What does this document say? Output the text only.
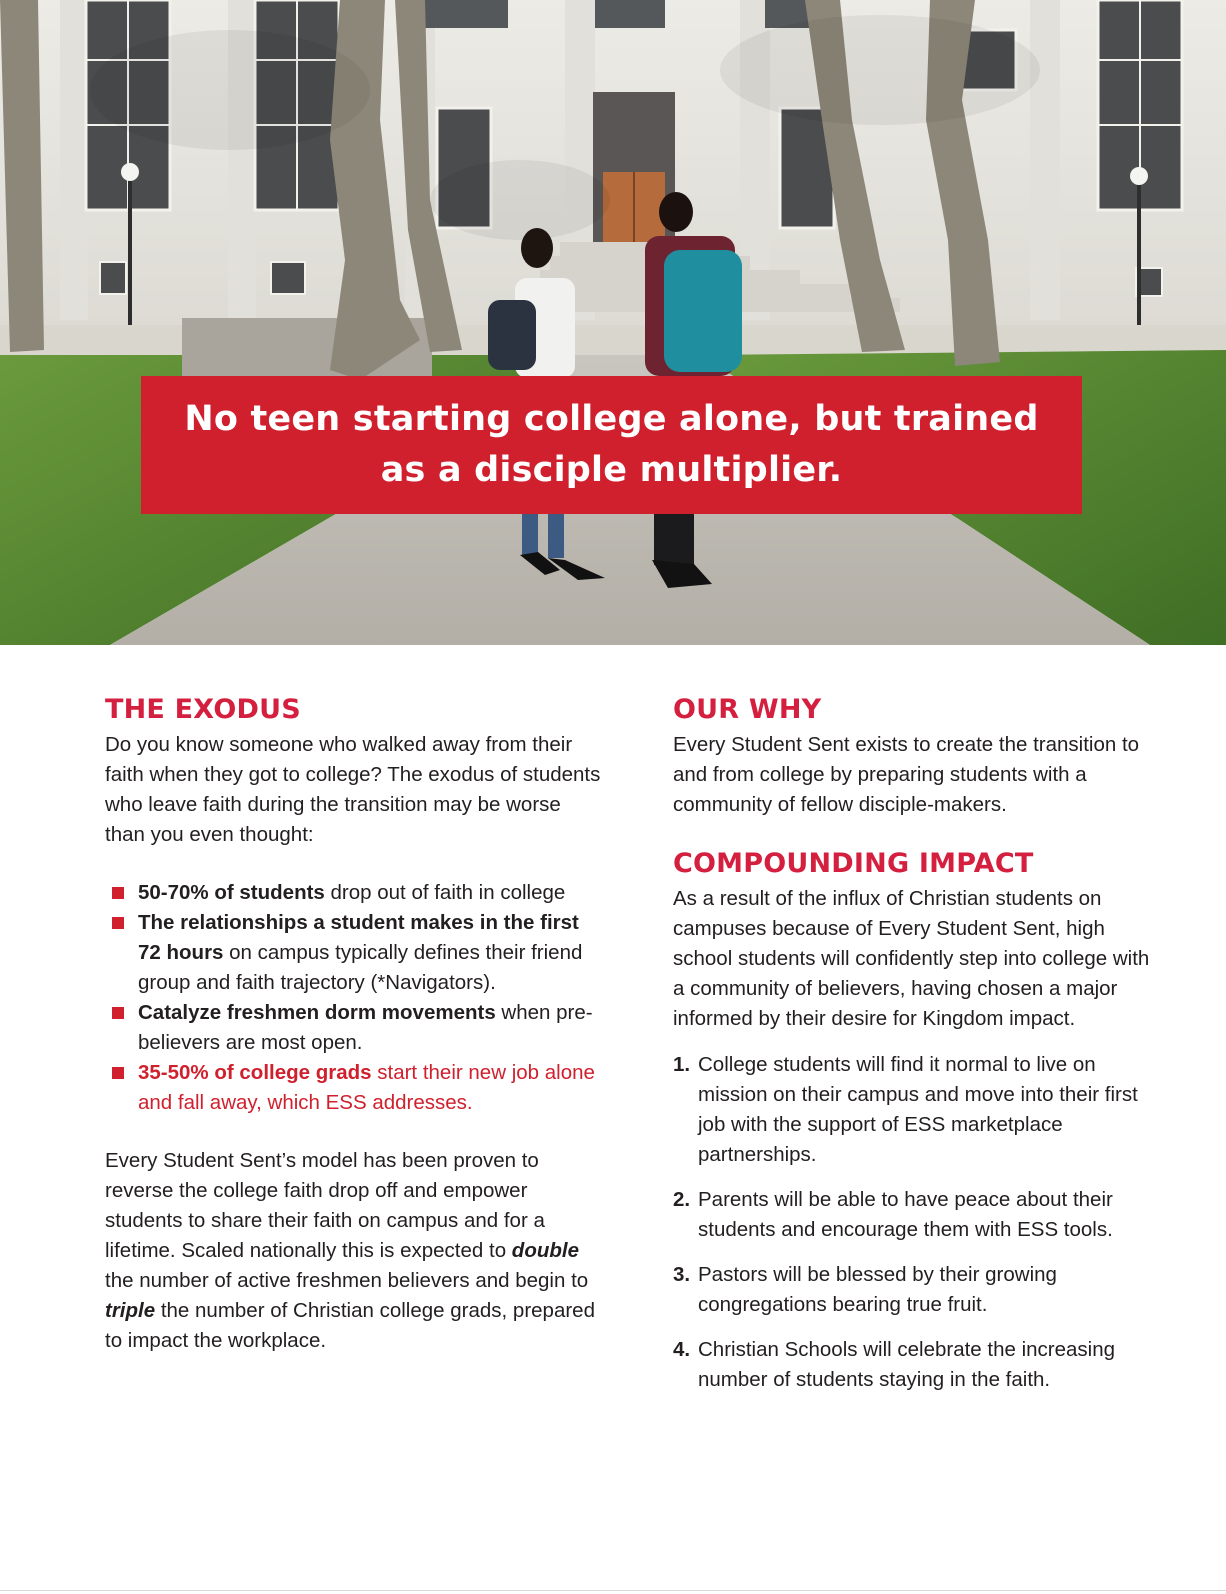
No teen starting college alone, but trained as a disciple multiplier.
THE EXODUS

Do you know someone who walked away from their faith when they got to college? The exodus of students who leave faith during the transition may be worse than you even thought:

50-70% of students drop out of faith in college
The relationships a student makes in the first 72 hours on campus typically defines their friend group and faith trajectory (*Navigators).
Catalyze freshmen dorm movements when pre-believers are most open.
35-50% of college grads start their new job alone and fall away, which ESS addresses.

Every Student Sent’s model has been proven to reverse the college faith drop off and empower students to share their faith on campus and for a lifetime. Scaled nationally this is expected to double the number of active freshmen believers and begin to triple the number of Christian college grads, prepared to impact the workplace.

OUR WHY

Every Student Sent exists to create the transition to and from college by preparing students with a community of fellow disciple-makers.

COMPOUNDING IMPACT

As a result of the influx of Christian students on campuses because of Every Student Sent, high school students will confidently step into college with a community of believers, having chosen a major informed by their desire for Kingdom impact.

1. College students will find it normal to live on mission on their campus and move into their first job with the support of ESS marketplace partnerships.
2. Parents will be able to have peace about their students and encourage them with ESS tools.
3. Pastors will be blessed by their growing congregations bearing true fruit.
4. Christian Schools will celebrate the increasing number of students staying in the faith.
